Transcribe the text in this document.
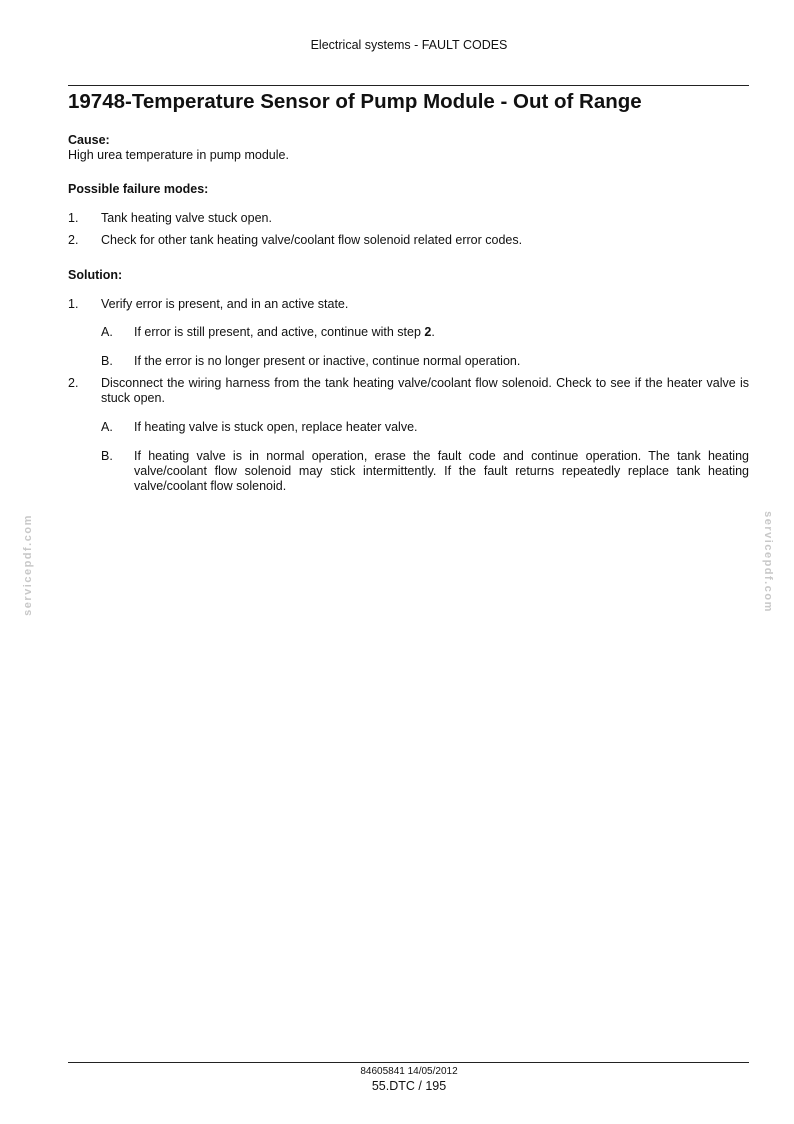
Electrical systems - FAULT CODES
19748-Temperature Sensor of Pump Module - Out of Range
Cause:
High urea temperature in pump module.
Possible failure modes:
1. Tank heating valve stuck open.
2. Check for other tank heating valve/coolant flow solenoid related error codes.
Solution:
1. Verify error is present, and in an active state.
A. If error is still present, and active, continue with step 2.
B. If the error is no longer present or inactive, continue normal operation.
2. Disconnect the wiring harness from the tank heating valve/coolant flow solenoid. Check to see if the heater valve is stuck open.
A. If heating valve is stuck open, replace heater valve.
B. If heating valve is in normal operation, erase the fault code and continue operation. The tank heating valve/coolant flow solenoid may stick intermittently. If the fault returns repeatedly replace tank heating valve/coolant flow solenoid.
servicepdf.com	servicepdf.com
84605841 14/05/2012
55.DTC / 195
